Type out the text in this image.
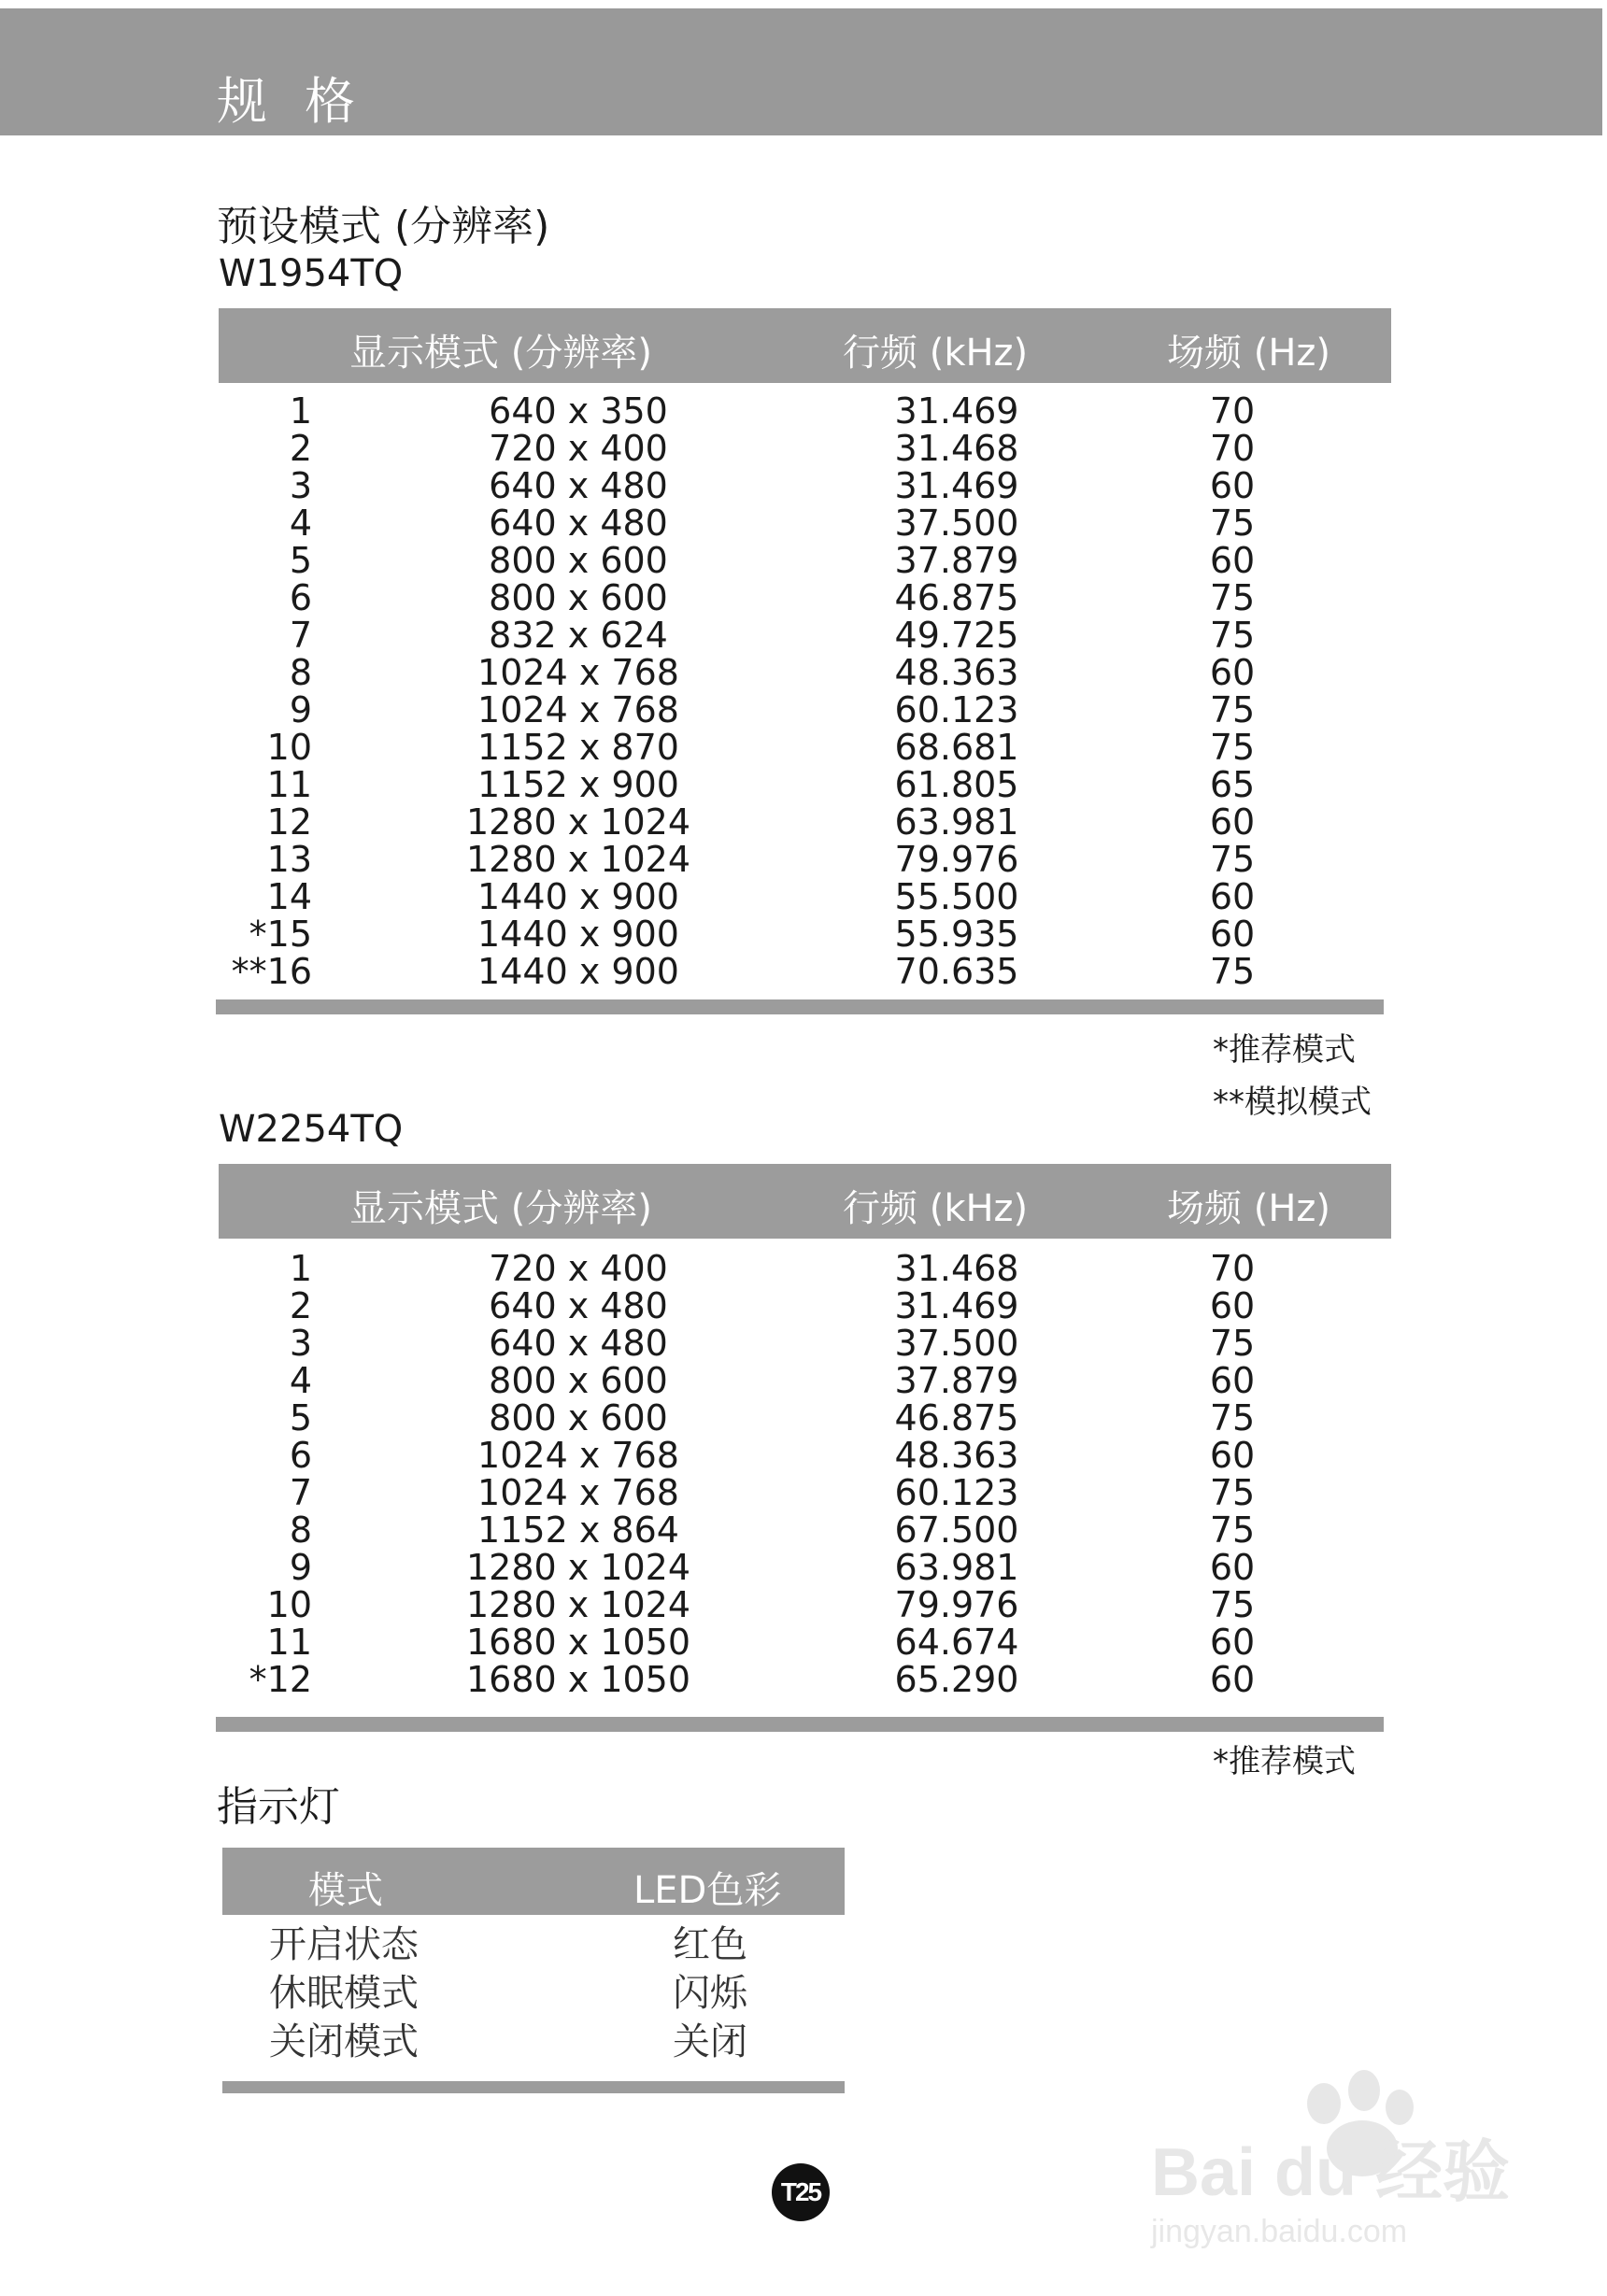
规格
预设模式 (分辨率)
W1954TQ
显示模式 (分辨率)	行频 (kHz)	场频 (Hz)
1	640 x 350	31.469	70
2	720 x 400	31.468	70
3	640 x 480	31.469	60
4	640 x 480	37.500	75
5	800 x 600	37.879	60
6	800 x 600	46.875	75
7	832 x 624	49.725	75
8	1024 x 768	48.363	60
9	1024 x 768	60.123	75
10	1152 x 870	68.681	75
11	1152 x 900	61.805	65
12	1280 x 1024	63.981	60
13	1280 x 1024	79.976	75
14	1440 x 900	55.500	60
*15	1440 x 900	55.935	60
**16	1440 x 900	70.635	75
*推荐模式
**模拟模式
W2254TQ
显示模式 (分辨率)	行频 (kHz)	场频 (Hz)
1	720 x 400	31.468	70
2	640 x 480	31.469	60
3	640 x 480	37.500	75
4	800 x 600	37.879	60
5	800 x 600	46.875	75
6	1024 x 768	48.363	60
7	1024 x 768	60.123	75
8	1152 x 864	67.500	75
9	1280 x 1024	63.981	60
10	1280 x 1024	79.976	75
11	1680 x 1050	64.674	60
*12	1680 x 1050	65.290	60
*推荐模式
指示灯
模式	LED色彩
开启状态	红色
休眠模式	闪烁
关闭模式	关闭
T25	Bai du 经验
jingyan.baidu.com
